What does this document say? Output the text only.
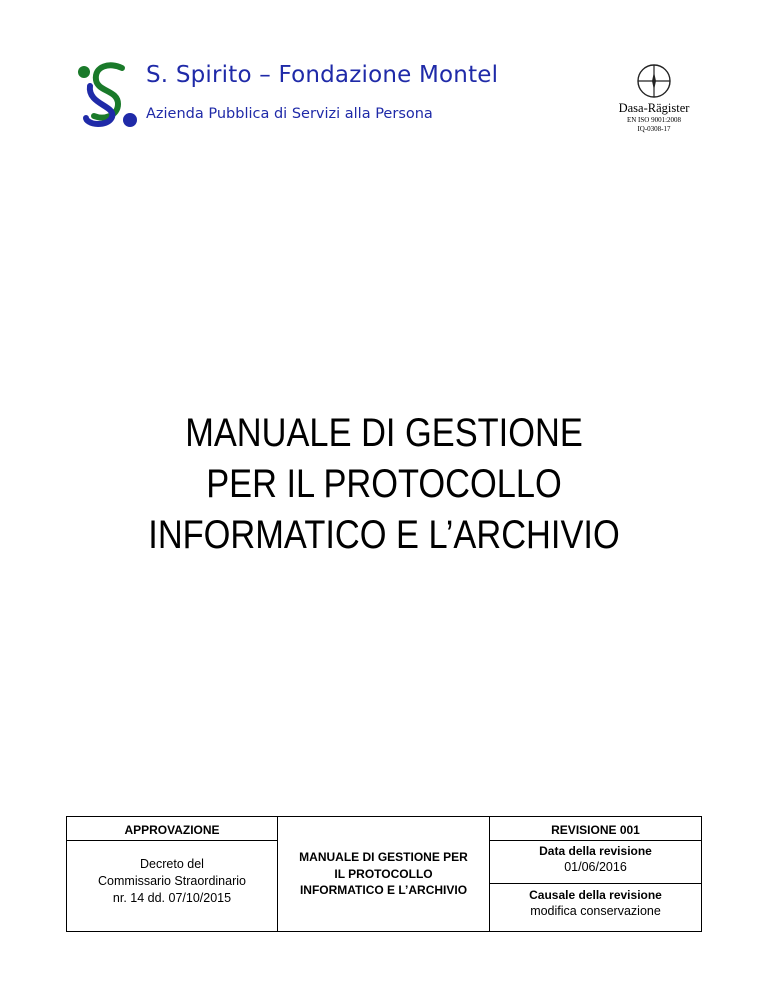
S. Spirito – Fondazione Montel
Azienda Pubblica di Servizi alla Persona	Dasa-Rägister
EN ISO 9001:2008
IQ-0308-17
MANUALE DI GESTIONE
PER IL PROTOCOLLO
INFORMATICO E L’ARCHIVIO
APPROVAZIONE
Decreto del
Commissario Straordinario
nr. 14 dd. 07/10/2015
MANUALE DI GESTIONE PER
IL PROTOCOLLO
INFORMATICO E L’ARCHIVIO
REVISIONE 001
Data della revisione
01/06/2016
Causale della revisione
modifica conservazione
